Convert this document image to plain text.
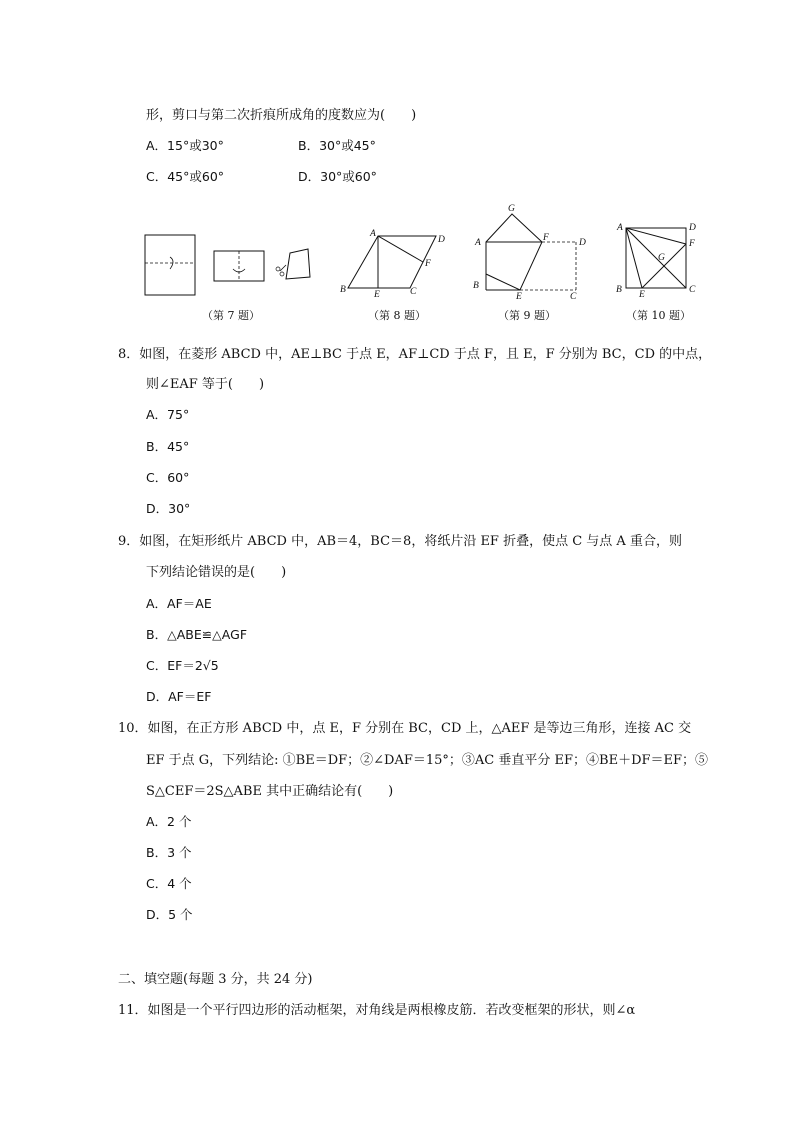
形，剪口与第二次折痕所成角的度数应为(　　)
A．15°或30°	B．30°或45°
C．45°或60°	D．30°或60°
（第 7 题）
A
D
F
B	E	C
（第 8 题）
G
A	F	D
B
E	C
（第 9 题）
A	D
F
G
B E	C
（第 10 题）
8．如图，在菱形 ABCD 中，AE⊥BC 于点 E，AF⊥CD 于点 F，且 E，F 分别为 BC，CD 的中点，
则∠EAF 等于(　　)
A．75°
B．45°
C．60°
D．30°
9．如图，在矩形纸片 ABCD 中，AB＝4，BC＝8，将纸片沿 EF 折叠，使点 C 与点 A 重合，则
下列结论错误的是(　　)
A．AF＝AE
B．△ABE≌△AGF
C．EF＝2√5
D．AF＝EF
10．如图，在正方形 ABCD 中，点 E，F 分别在 BC，CD 上，△AEF 是等边三角形，连接 AC 交
EF 于点 G，下列结论: ①BE＝DF；②∠DAF＝15°；③AC 垂直平分 EF；④BE＋DF＝EF；⑤
S△CEF＝2S△ABE 其中正确结论有(　　)
A．2 个
B．3 个
C．4 个
D．5 个
二、填空题(每题 3 分，共 24 分)
11．如图是一个平行四边形的活动框架，对角线是两根橡皮筋．若改变框架的形状，则∠α
